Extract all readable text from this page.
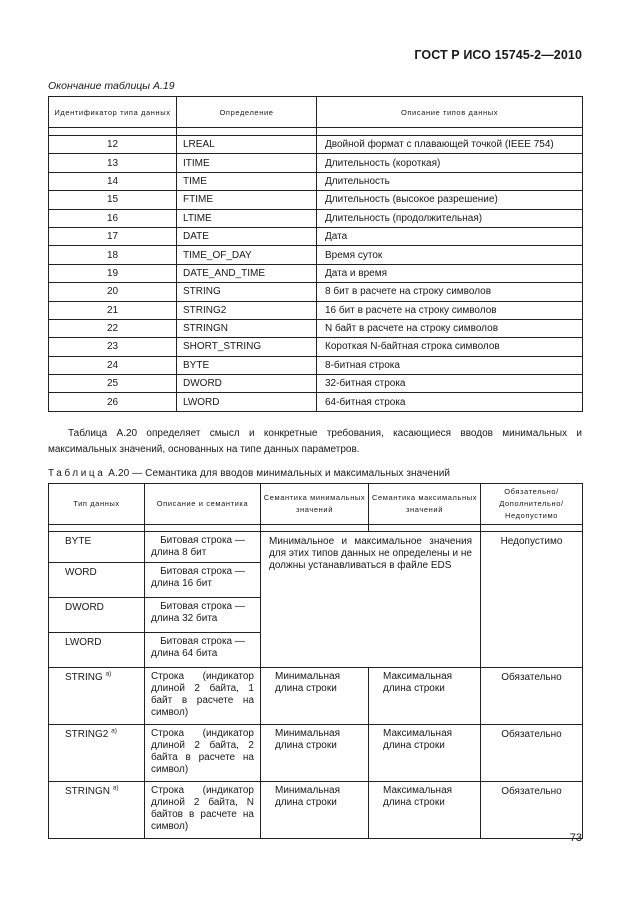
ГОСТ Р ИСО 15745-2—2010
Окончание таблицы А.19
Идентификатор типа данных	Определение	Описание типов данных

12	LREAL	Двойной формат с плавающей точкой (IEEE 754)
13	ITIME	Длительность (короткая)
14	TIME	Длительность
15	FTIME	Длительность (высокое разрешение)
16	LTIME	Длительность (продолжительная)
17	DATE	Дата
18	TIME_OF_DAY	Время суток
19	DATE_AND_TIME	Дата и время
20	STRING	8 бит в расчете на строку символов
21	STRING2	16 бит в расчете на строку символов
22	STRINGN	N байт в расчете на строку символов
23	SHORT_STRING	Короткая N-байтная строка символов
24	BYTE	8-битная строка
25	DWORD	32-битная строка
26	LWORD	64-битная строка
Таблица А.20 определяет смысл и конкретные требования, касающиеся вводов минимальных и максимальных значений, основанных на типе данных параметров.
Таблица А.20 — Семантика для вводов минимальных и максимальных значений
Тип данных	Описание и семантика	Семантика минимальных значений	Семантика максимальных значений	Обязательно/ Дополнительно/ Недопустимо

BYTE	Битовая строка — длина 8 бит	Минимальное и максимальное значения для этих типов данных не определены и не должны устанавливаться в файле EDS		Недопустимо
WORD	Битовая строка — длина 16 бит			
DWORD	Битовая строка — длина 32 бита			
LWORD	Битовая строка — длина 64 бита			
STRING $^{a)}$	Строка (индикатор длиной 2 байта, 1 байт в расчете на символ)	Минимальная длина строки	Максимальная длина строки	Обязательно
STRING2 $^{a)}$	Строка (индикатор длиной 2 байта, 2 байта в расчете на символ)	Минимальная длина строки	Максимальная длина строки	Обязательно
STRINGN $^{a)}$	Строка (индикатор длиной 2 байта, N байтов в расчете на символ)	Минимальная длина строки	Максимальная длина строки	Обязательно
73
